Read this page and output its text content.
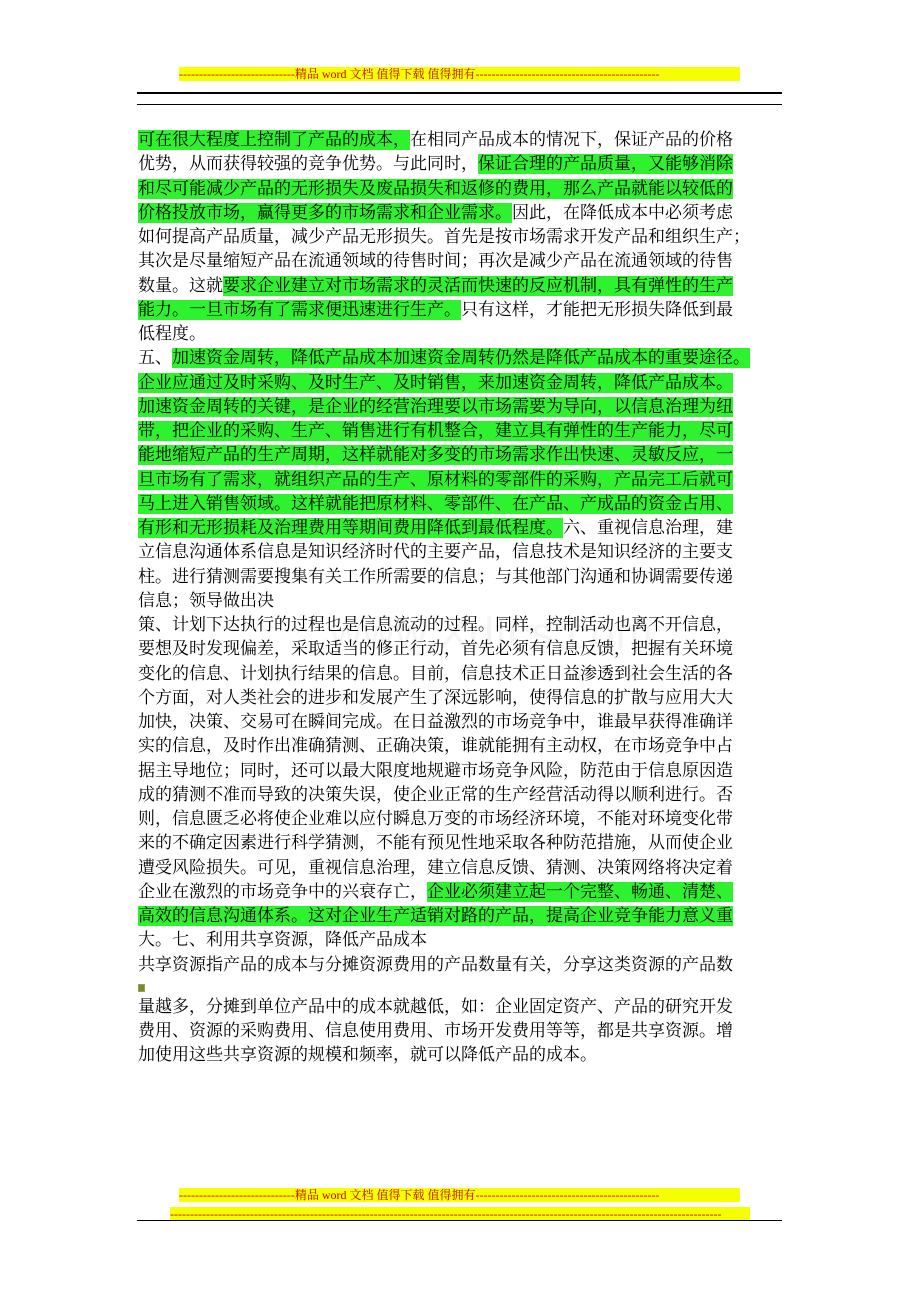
-----------------------------精品 word 文档 值得下载 值得拥有----------------------------------------------
可在很大程度上控制了产品的成本，在相同产品成本的情况下，保证产品的价格
优势，从而获得较强的竞争优势。与此同时，保证合理的产品质量，又能够消除
和尽可能减少产品的无形损失及废品损失和返修的费用，那么产品就能以较低的
价格投放市场，赢得更多的市场需求和企业需求。因此，在降低成本中必须考虑
如何提高产品质量，减少产品无形损失。首先是按市场需求开发产品和组织生产；
其次是尽量缩短产品在流通领域的待售时间；再次是减少产品在流通领域的待售
数量。这就要求企业建立对市场需求的灵活而快速的反应机制，具有弹性的生产
能力。一旦市场有了需求便迅速进行生产。只有这样，才能把无形损失降低到最
低程度。
五、加速资金周转，降低产品成本加速资金周转仍然是降低产品成本的重要途径。
企业应通过及时采购、及时生产、及时销售，来加速资金周转，降低产品成本。
加速资金周转的关键，是企业的经营治理要以市场需要为导向，以信息治理为纽
带，把企业的采购、生产、销售进行有机整合，建立具有弹性的生产能力，尽可
能地缩短产品的生产周期，这样就能对多变的市场需求作出快速、灵敏反应，一
旦市场有了需求，就组织产品的生产、原材料的零部件的采购，产品完工后就可
马上进入销售领域。这样就能把原材料、零部件、在产品、产成品的资金占用、
有形和无形损耗及治理费用等期间费用降低到最低程度。六、重视信息治理，建
立信息沟通体系信息是知识经济时代的主要产品，信息技术是知识经济的主要支
柱。进行猜测需要搜集有关工作所需要的信息；与其他部门沟通和协调需要传递
信息；领导做出决
策、计划下达执行的过程也是信息流动的过程。同样，控制活动也离不开信息，
要想及时发现偏差，采取适当的修正行动，首先必须有信息反馈，把握有关环境
变化的信息、计划执行结果的信息。目前，信息技术正日益渗透到社会生活的各
个方面，对人类社会的进步和发展产生了深远影响，使得信息的扩散与应用大大
加快，决策、交易可在瞬间完成。在日益激烈的市场竞争中，谁最早获得准确详
实的信息，及时作出准确猜测、正确决策，谁就能拥有主动权，在市场竞争中占
据主导地位；同时，还可以最大限度地规避市场竞争风险，防范由于信息原因造
成的猜测不准而导致的决策失误，使企业正常的生产经营活动得以顺利进行。否
则，信息匮乏必将使企业难以应付瞬息万变的市场经济环境，不能对环境变化带
来的不确定因素进行科学猜测，不能有预见性地采取各种防范措施，从而使企业
遭受风险损失。可见，重视信息治理，建立信息反馈、猜测、决策网络将决定着
企业在激烈的市场竞争中的兴衰存亡，企业必须建立起一个完整、畅通、清楚、
高效的信息沟通体系。这对企业生产适销对路的产品，提高企业竞争能力意义重
大。七、利用共享资源，降低产品成本
共享资源指产品的成本与分摊资源费用的产品数量有关，分享这类资源的产品数
量越多，分摊到单位产品中的成本就越低，如：企业固定资产、产品的研究开发
费用、资源的采购费用、信息使用费用、市场开发费用等等，都是共享资源。增
加使用这些共享资源的规模和频率，就可以降低产品的成本。
-----------------------------精品 word 文档 值得下载 值得拥有----------------------------------------------
------------------------------------------------------------------------------------------------------------------------------------------
